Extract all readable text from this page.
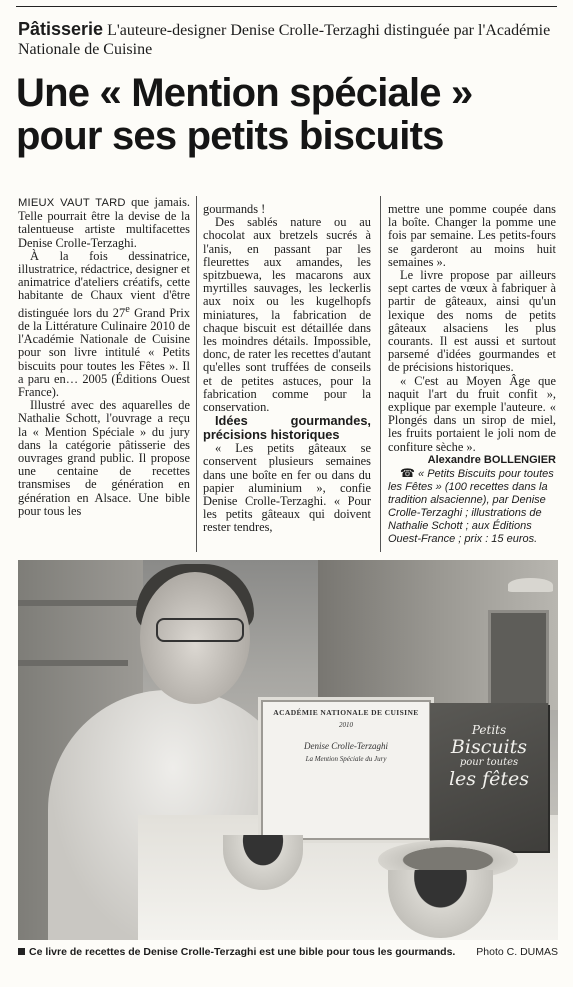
Pâtisserie L'auteure-designer Denise Crolle-Terzaghi distinguée par l'Académie Nationale de Cuisine
Une « Mention spéciale » pour ses petits biscuits

MIEUX VAUT TARD que jamais. Telle pourrait être la devise de la talentueuse artiste multifacettes Denise Crolle-Terzaghi.

À la fois dessinatrice, illustratrice, rédactrice, designer et animatrice d'ateliers créatifs, cette habitante de Chaux vient d'être distinguée lors du 27e Grand Prix de la Littérature Culinaire 2010 de l'Académie Nationale de Cuisine pour son livre intitulé « Petits biscuits pour toutes les Fêtes ». Il a paru en… 2005 (Éditions Ouest France).

Illustré avec des aquarelles de Nathalie Schott, l'ouvrage a reçu la « Mention Spéciale » du jury dans la catégorie pâtisserie des ouvrages grand public. Il propose une centaine de recettes transmises de génération en génération en Alsace. Une bible pour tous les

gourmands !

Des sablés nature ou au chocolat aux bretzels sucrés à l'anis, en passant par les fleurettes aux amandes, les spitzbuewa, les macarons aux myrtilles sauvages, les leckerlis aux noix ou les kugelhopfs miniatures, la fabrication de chaque biscuit est détaillée dans les moindres détails. Impossible, donc, de rater les recettes d'autant qu'elles sont truffées de conseils et de petites astuces, pour la fabrication comme pour la conservation.

Idées gourmandes, précisions historiques

« Les petits gâteaux se conservent plusieurs semaines dans une boîte en fer ou dans du papier aluminium », confie Denise Crolle-Terzaghi. « Pour les petits gâteaux qui doivent rester tendres,

mettre une pomme coupée dans la boîte. Changer la pomme une fois par semaine. Les petits-fours se garderont au moins huit semaines ».

Le livre propose par ailleurs sept cartes de vœux à fabriquer à partir de gâteaux, ainsi qu'un lexique des noms de petits gâteaux alsaciens les plus courants. Il est aussi et surtout parsemé d'idées gourmandes et de précisions historiques.

« C'est au Moyen Âge que naquit l'art du fruit confit », explique par exemple l'auteure. « Plongés dans un sirop de miel, les fruits portaient le joli nom de confiture sèche ».

Alexandre BOLLENGIER

☎ « Petits Biscuits pour toutes les Fêtes » (100 recettes dans la tradition alsacienne), par Denise Crolle-Terzaghi ; illustrations de Nathalie Schott ; aux Éditions Ouest-France ; prix : 15 euros.

ACADÉMIE NATIONALE DE CUISINE
2010
Denise Crolle-Terzaghi
La Mention Spéciale du Jury
Petits
Biscuits
pour toutes
les fêtes
Ce livre de recettes de Denise Crolle-Terzaghi est une bible pour tous les gourmands. Photo C. DUMAS
